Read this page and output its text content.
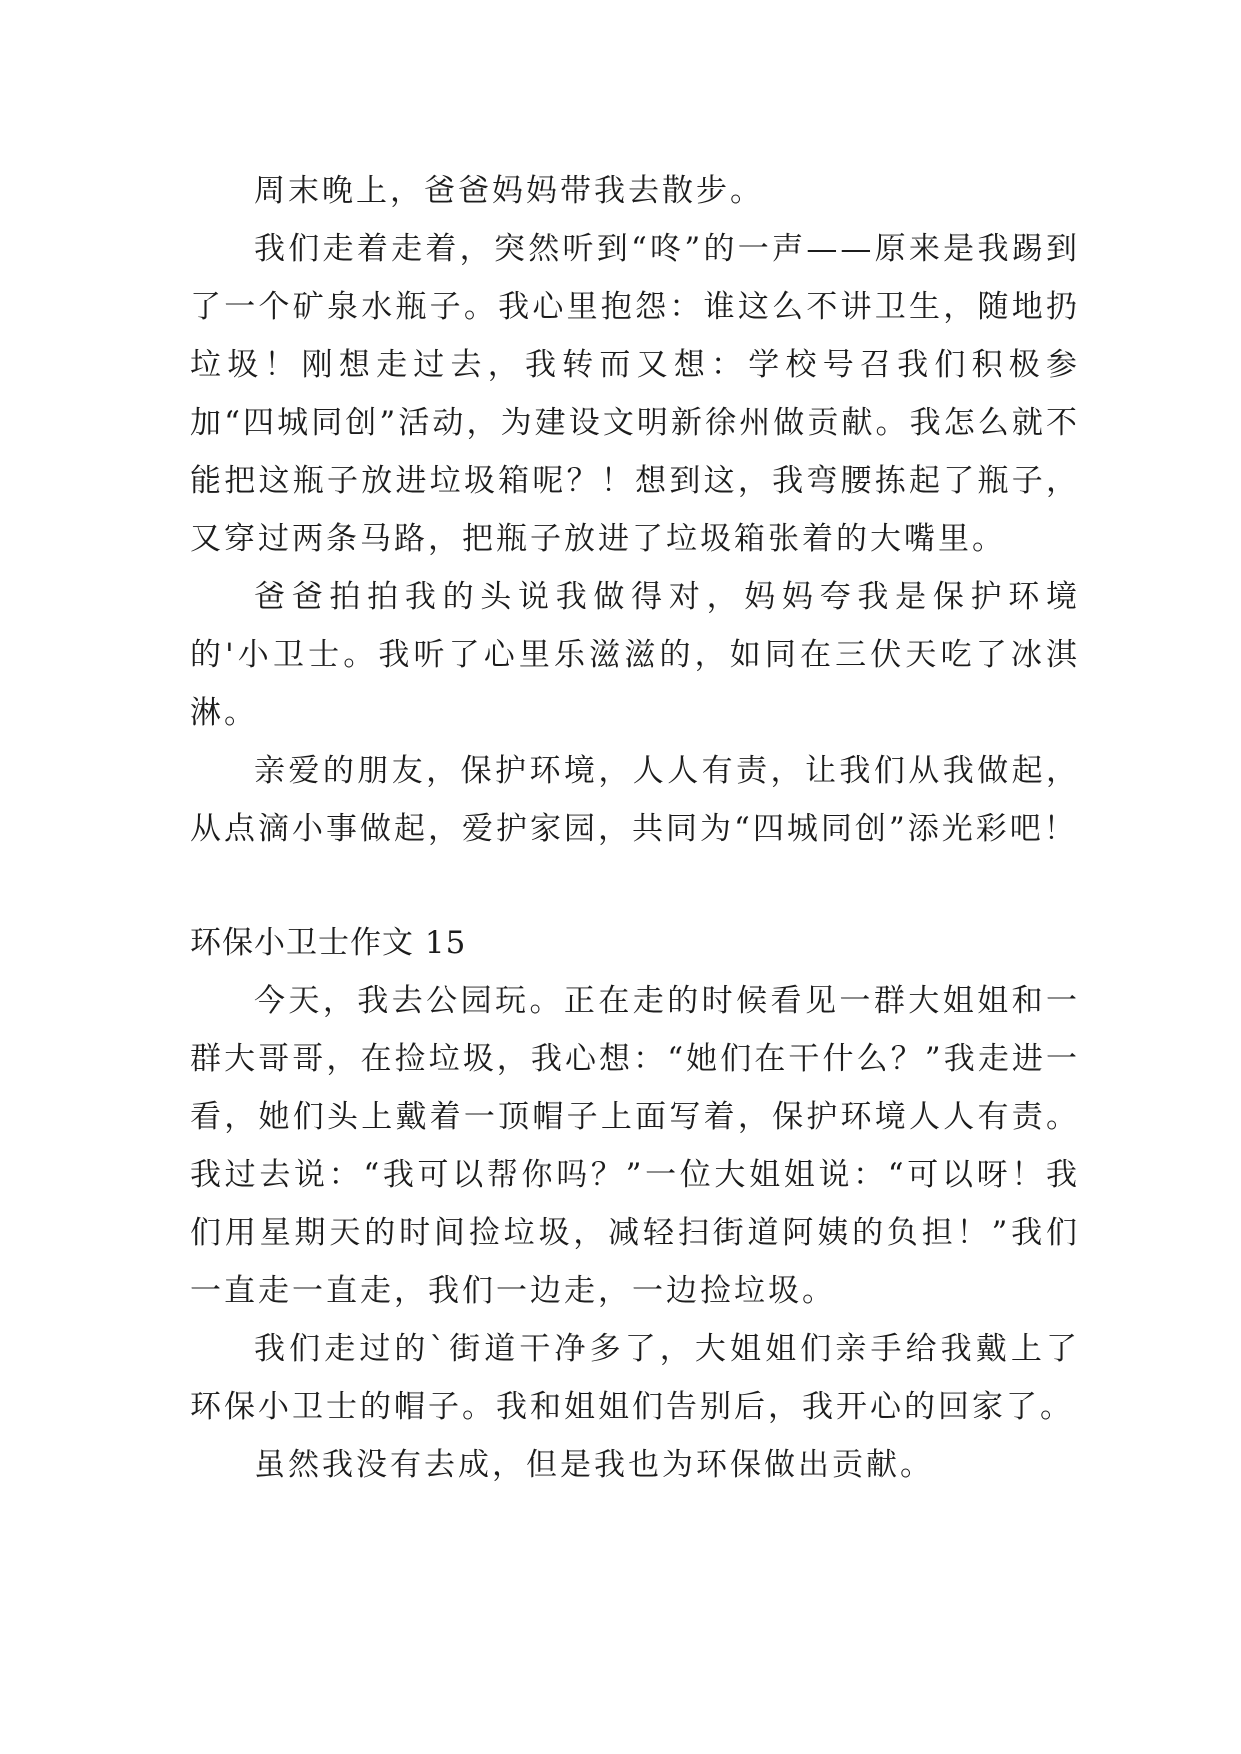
周末晚上，爸爸妈妈带我去散步。

我们走着走着，突然听到“咚”的一声——原来是我踢到了一个矿泉水瓶子。我心里抱怨：谁这么不讲卫生，随地扔垃圾！刚想走过去，我转而又想：学校号召我们积极参加“四城同创”活动，为建设文明新徐州做贡献。我怎么就不能把这瓶子放进垃圾箱呢？！想到这，我弯腰拣起了瓶子，又穿过两条马路，把瓶子放进了垃圾箱张着的大嘴里。

爸爸拍拍我的头说我做得对，妈妈夸我是保护环境的'小卫士。我听了心里乐滋滋的，如同在三伏天吃了冰淇淋。

亲爱的朋友，保护环境，人人有责，让我们从我做起，从点滴小事做起，爱护家园，共同为“四城同创”添光彩吧！

环保小卫士作文 15

今天，我去公园玩。正在走的时候看见一群大姐姐和一群大哥哥，在捡垃圾，我心想：“她们在干什么？”我走进一看，她们头上戴着一顶帽子上面写着，保护环境人人有责。我过去说：“我可以帮你吗？”一位大姐姐说：“可以呀！我们用星期天的时间捡垃圾，减轻扫街道阿姨的负担！”我们一直走一直走，我们一边走，一边捡垃圾。

我们走过的`街道干净多了，大姐姐们亲手给我戴上了环保小卫士的帽子。我和姐姐们告别后，我开心的回家了。

虽然我没有去成，但是我也为环保做出贡献。
